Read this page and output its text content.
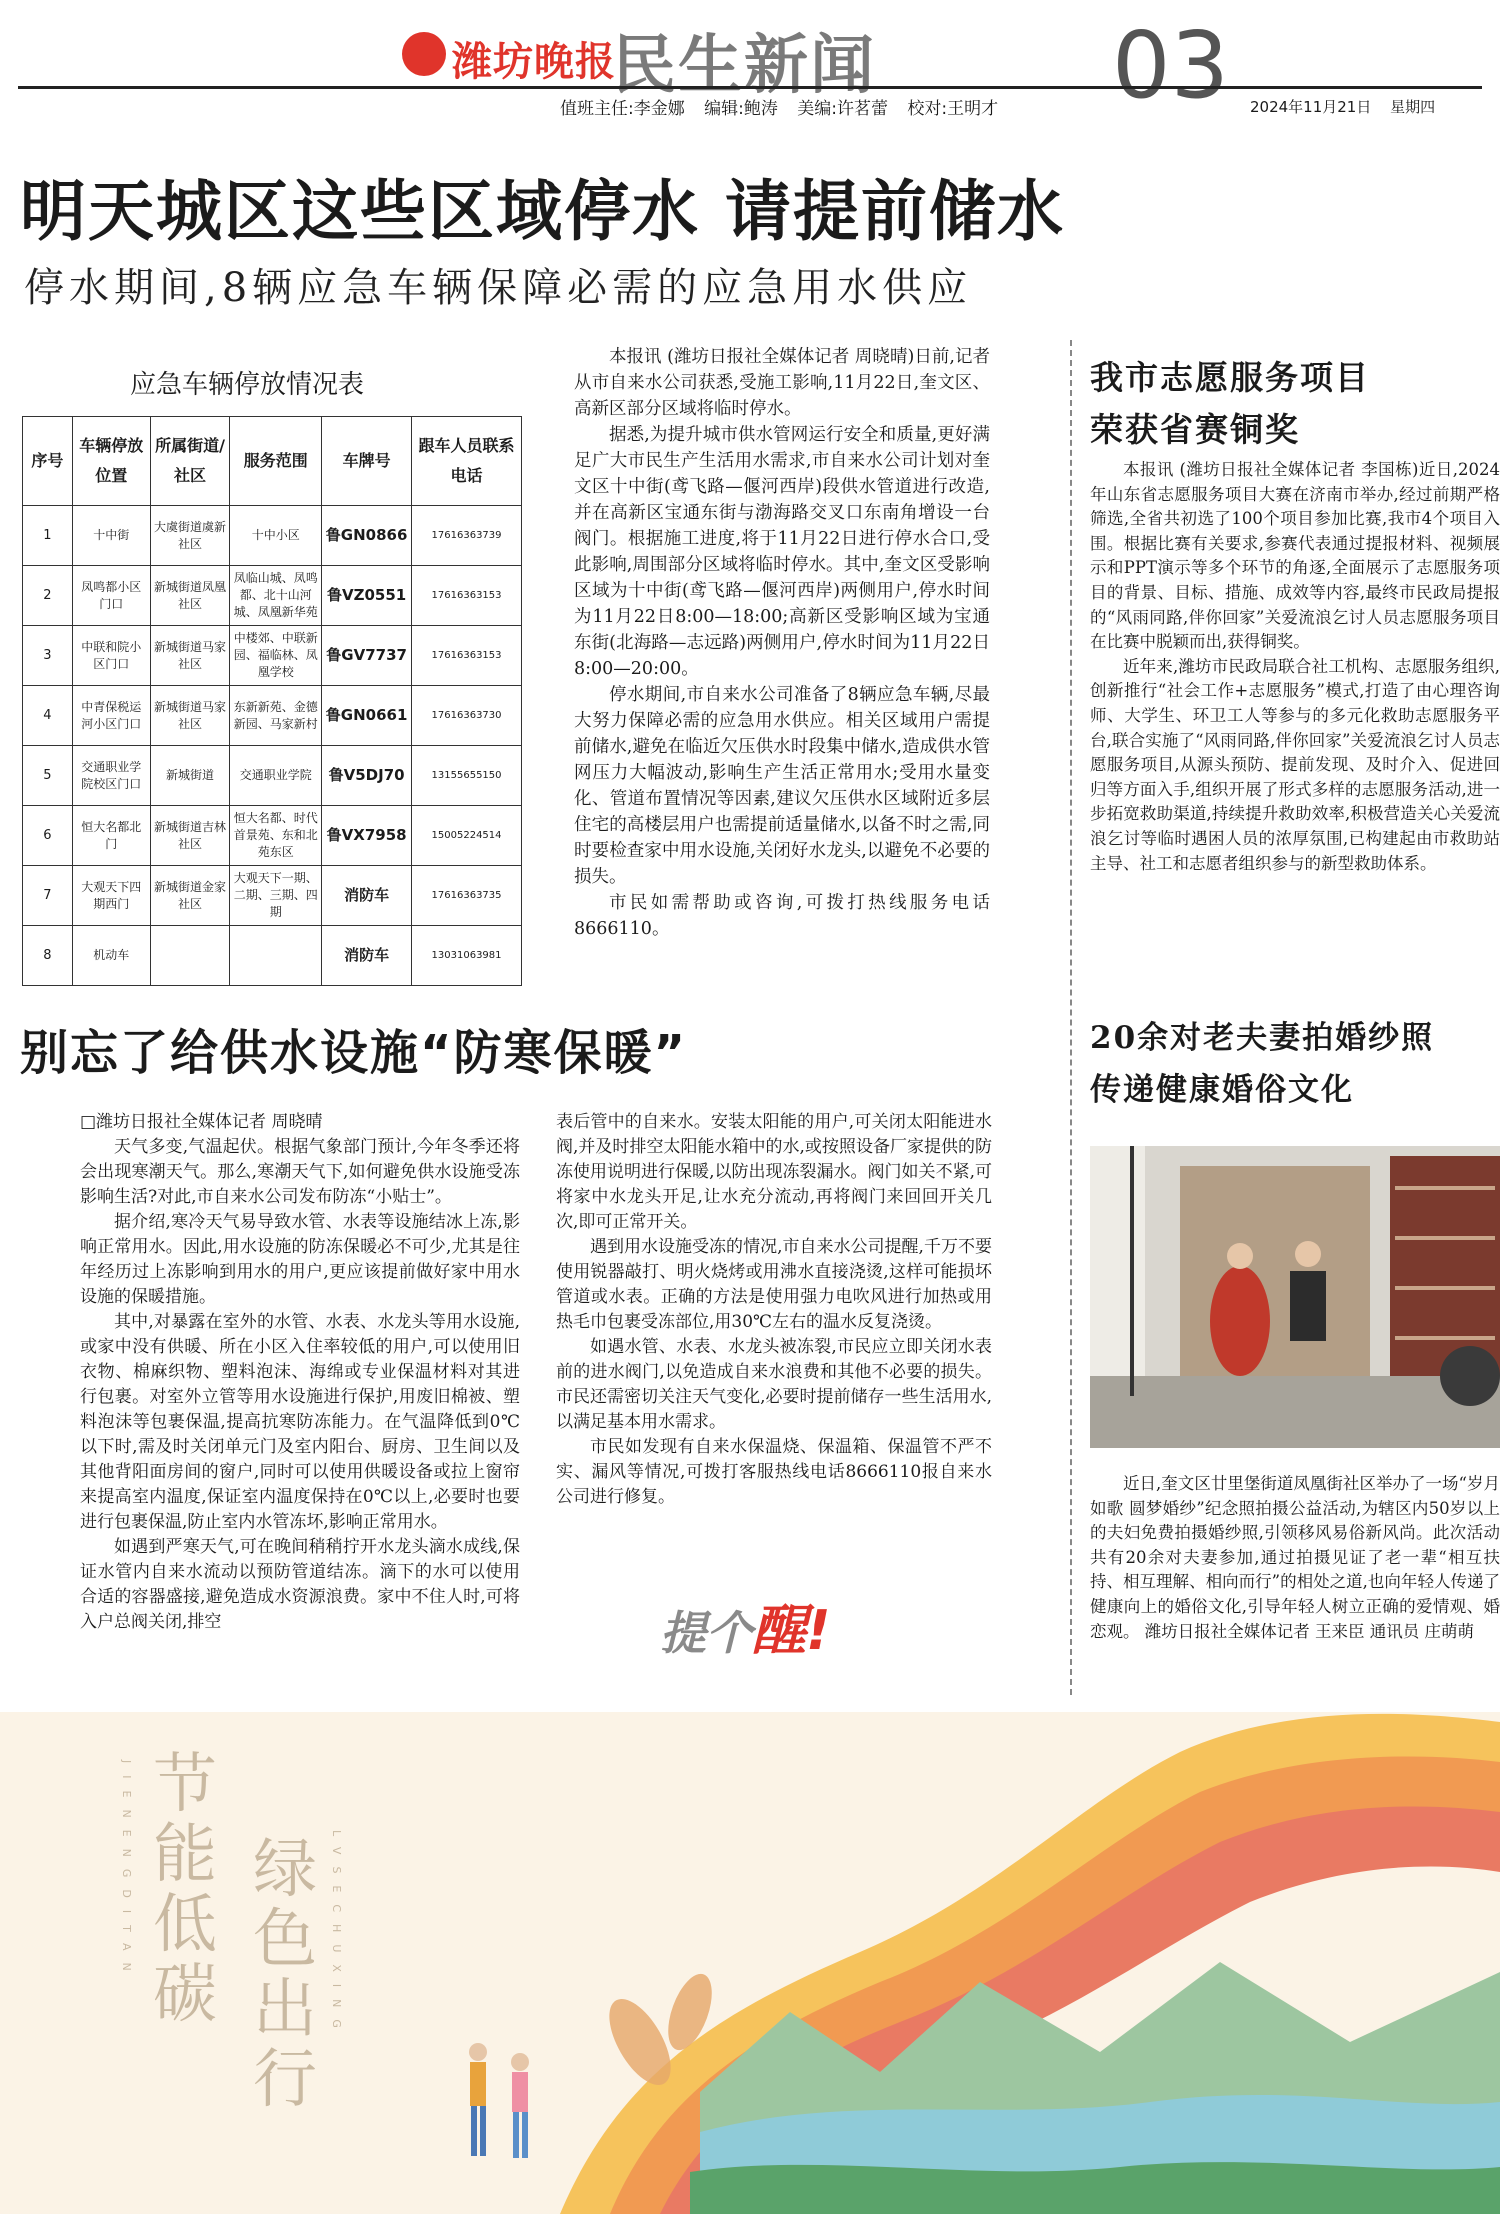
潍坊晚报
民生新闻	03
值班主任:李金娜 编辑:鲍涛 美编:许茗蕾 校对:王明才	2024年11月21日 星期四
明天城区这些区域停水 请提前储水
停水期间,8辆应急车辆保障必需的应急用水供应
应急车辆停放情况表
序号	车辆停放位置	所属街道/社区	服务范围	车牌号	跟车人员联系电话
1	十中街	大虞街道虞新社区	十中小区	鲁GN0866	17616363739
2	凤鸣都小区门口	新城街道凤凰社区	凤临山城、凤鸣都、北十山河城、凤凰新华苑	鲁VZ0551	17616363153
3	中联和院小区门口	新城街道马家社区	中楼郊、中联新园、福临林、凤凰学校	鲁GV7737	17616363153
4	中青保税运河小区门口	新城街道马家社区	东新新苑、金德新园、马家新村	鲁GN0661	17616363730
5	交通职业学院校区门口	新城街道	交通职业学院	鲁V5DJ70	13155655150
6	恒大名都北门	新城街道吉林社区	恒大名都、时代首景苑、东和北苑东区	鲁VX7958	15005224514
7	大观天下四期西门	新城街道金家社区	大观天下一期、二期、三期、四期	消防车	17616363735
8	机动车			消防车	13031063981

本报讯 (潍坊日报社全媒体记者 周晓晴)日前,记者从市自来水公司获悉,受施工影响,11月22日,奎文区、高新区部分区域将临时停水。

据悉,为提升城市供水管网运行安全和质量,更好满足广大市民生产生活用水需求,市自来水公司计划对奎文区十中街(鸢飞路—偃河西岸)段供水管道进行改造,并在高新区宝通东街与渤海路交叉口东南角增设一台阀门。根据施工进度,将于11月22日进行停水合口,受此影响,周围部分区域将临时停水。其中,奎文区受影响区域为十中街(鸢飞路—偃河西岸)两侧用户,停水时间为11月22日8:00—18:00;高新区受影响区域为宝通东街(北海路—志远路)两侧用户,停水时间为11月22日8:00—20:00。

停水期间,市自来水公司准备了8辆应急车辆,尽最大努力保障必需的应急用水供应。相关区域用户需提前储水,避免在临近欠压供水时段集中储水,造成供水管网压力大幅波动,影响生产生活正常用水;受用水量变化、管道布置情况等因素,建议欠压供水区域附近多层住宅的高楼层用户也需提前适量储水,以备不时之需,同时要检查家中用水设施,关闭好水龙头,以避免不必要的损失。

市民如需帮助或咨询,可拨打热线服务电话8666110。

我市志愿服务项目
荣获省赛铜奖

本报讯 (潍坊日报社全媒体记者 李国栋)近日,2024年山东省志愿服务项目大赛在济南市举办,经过前期严格筛选,全省共初选了100个项目参加比赛,我市4个项目入围。根据比赛有关要求,参赛代表通过提报材料、视频展示和PPT演示等多个环节的角逐,全面展示了志愿服务项目的背景、目标、措施、成效等内容,最终市民政局提报的“风雨同路,伴你回家”关爱流浪乞讨人员志愿服务项目在比赛中脱颖而出,获得铜奖。

近年来,潍坊市民政局联合社工机构、志愿服务组织,创新推行“社会工作+志愿服务”模式,打造了由心理咨询师、大学生、环卫工人等参与的多元化救助志愿服务平台,联合实施了“风雨同路,伴你回家”关爱流浪乞讨人员志愿服务项目,从源头预防、提前发现、及时介入、促进回归等方面入手,组织开展了形式多样的志愿服务活动,进一步拓宽救助渠道,持续提升救助效率,积极营造关心关爱流浪乞讨等临时遇困人员的浓厚氛围,已构建起由市救助站主导、社工和志愿者组织参与的新型救助体系。

别忘了给供水设施“防寒保暖”

□潍坊日报社全媒体记者 周晓晴

天气多变,气温起伏。根据气象部门预计,今年冬季还将会出现寒潮天气。那么,寒潮天气下,如何避免供水设施受冻影响生活?对此,市自来水公司发布防冻“小贴士”。

据介绍,寒冷天气易导致水管、水表等设施结冰上冻,影响正常用水。因此,用水设施的防冻保暖必不可少,尤其是往年经历过上冻影响到用水的用户,更应该提前做好家中用水设施的保暖措施。

其中,对暴露在室外的水管、水表、水龙头等用水设施,或家中没有供暖、所在小区入住率较低的用户,可以使用旧衣物、棉麻织物、塑料泡沫、海绵或专业保温材料对其进行包裹。对室外立管等用水设施进行保护,用废旧棉被、塑料泡沫等包裹保温,提高抗寒防冻能力。在气温降低到0℃以下时,需及时关闭单元门及室内阳台、厨房、卫生间以及其他背阳面房间的窗户,同时可以使用供暖设备或拉上窗帘来提高室内温度,保证室内温度保持在0℃以上,必要时也要进行包裹保温,防止室内水管冻坏,影响正常用水。

如遇到严寒天气,可在晚间稍稍拧开水龙头滴水成线,保证水管内自来水流动以预防管道结冻。滴下的水可以使用合适的容器盛接,避免造成水资源浪费。家中不住人时,可将入户总阀关闭,排空

表后管中的自来水。安装太阳能的用户,可关闭太阳能进水阀,并及时排空太阳能水箱中的水,或按照设备厂家提供的防冻使用说明进行保暖,以防出现冻裂漏水。阀门如关不紧,可将家中水龙头开足,让水充分流动,再将阀门来回回开关几次,即可正常开关。

遇到用水设施受冻的情况,市自来水公司提醒,千万不要使用锐器敲打、明火烧烤或用沸水直接浇烫,这样可能损坏管道或水表。正确的方法是使用强力电吹风进行加热或用热毛巾包裹受冻部位,用30℃左右的温水反复浇烫。

如遇水管、水表、水龙头被冻裂,市民应立即关闭水表前的进水阀门,以免造成自来水浪费和其他不必要的损失。市民还需密切关注天气变化,必要时提前储存一些生活用水,以满足基本用水需求。

市民如发现有自来水保温烧、保温箱、保温管不严不实、漏风等情况,可拨打客服热线电话8666110报自来水公司进行修复。

提个醒!
20余对老夫妻拍婚纱照
传递健康婚俗文化

近日,奎文区廿里堡街道凤凰街社区举办了一场“岁月如歌 圆梦婚纱”纪念照拍摄公益活动,为辖区内50岁以上的夫妇免费拍摄婚纱照,引领移风易俗新风尚。此次活动共有20余对夫妻参加,通过拍摄见证了老一辈“相互扶持、相互理解、相向而行”的相处之道,也向年轻人传递了健康向上的婚俗文化,引导年轻人树立正确的爱情观、婚恋观。 潍坊日报社全媒体记者 王来臣 通讯员 庄萌萌

节能低碳
绿色出行
JIENENGDITAN	LVSECHUXING
